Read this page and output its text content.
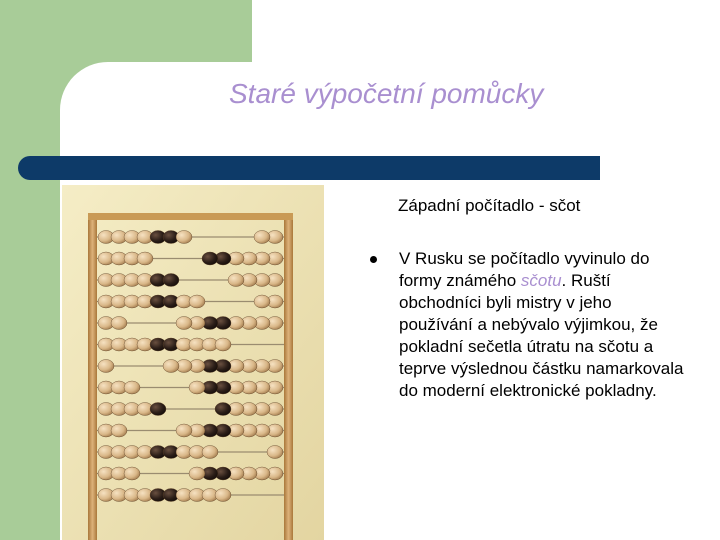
Staré výpočetní pomůcky
Západní počítadlo - sčot

V Rusku se počítadlo vyvinulo do formy známého sčotu. Ruští obchodníci byli mistry v jeho používání a nebývalo výjimkou, že pokladní sečetla útratu na sčotu a teprve výslednou částku namarkovala do moderní elektronické pokladny.
